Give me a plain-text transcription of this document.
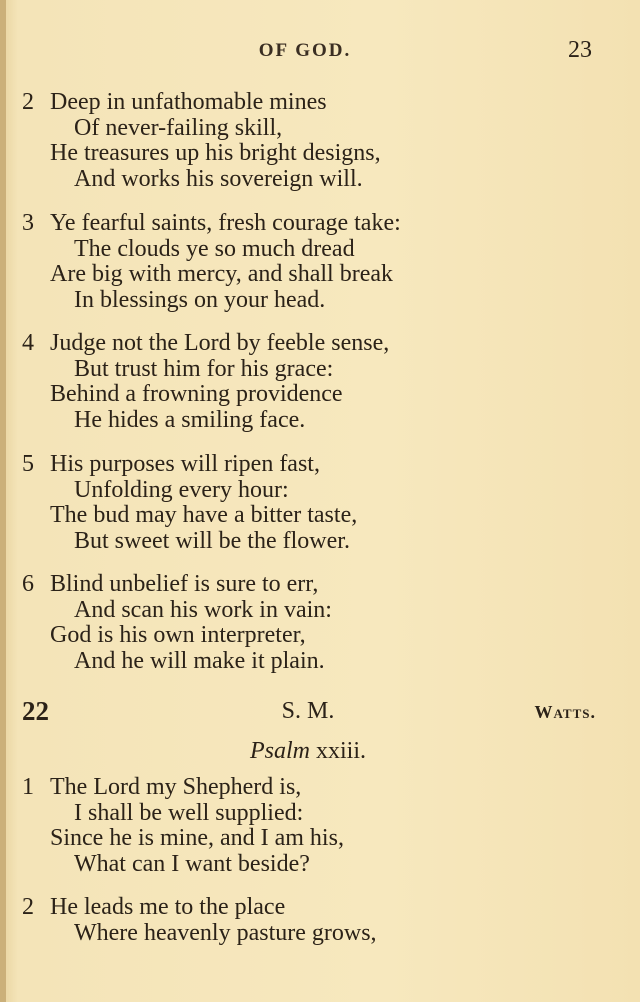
OF GOD.	23
2 Deep in unfathomable mines
Of never-failing skill,
He treasures up his bright designs,
And works his sovereign will.
3 Ye fearful saints, fresh courage take:
The clouds ye so much dread
Are big with mercy, and shall break
In blessings on your head.
4 Judge not the Lord by feeble sense,
But trust him for his grace:
Behind a frowning providence
He hides a smiling face.
5 His purposes will ripen fast,
Unfolding every hour:
The bud may have a bitter taste,
But sweet will be the flower.
6 Blind unbelief is sure to err,
And scan his work in vain:
God is his own interpreter,
And he will make it plain.
22	S. M.	Watts.
Psalm xxiii.
1 The Lord my Shepherd is,
I shall be well supplied:
Since he is mine, and I am his,
What can I want beside?
2 He leads me to the place
Where heavenly pasture grows,
